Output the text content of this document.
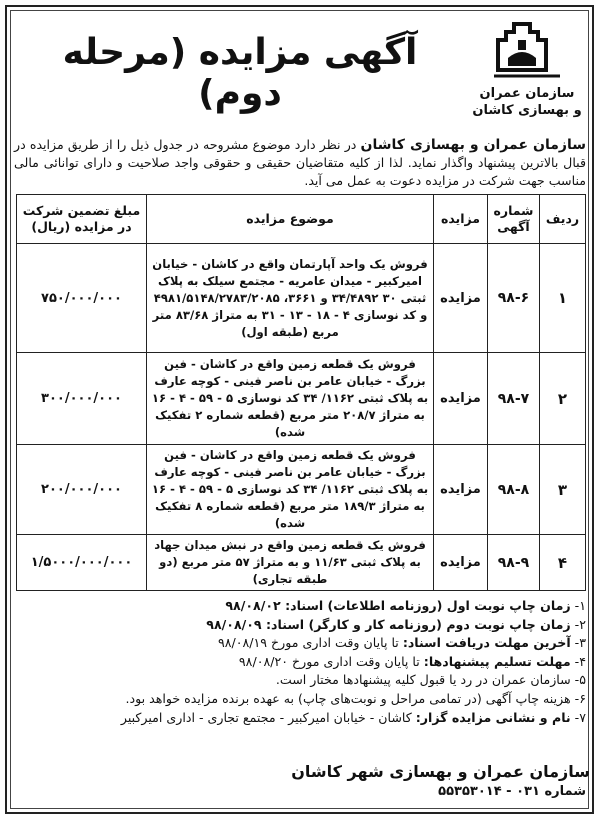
سازمان عمران
و بهسازی کاشان
آگهی مزایده (مرحله دوم)
سازمان عمران و بهسازی کاشان در نظر دارد موضوع مشروحه در جدول ذیل را از طریق مزایده در قبال بالاترین پیشنهاد واگذار نماید. لذا از کلیه متقاضیان حقیقی و حقوقی واجد صلاحیت و دارای توانائی مالی مناسب جهت شرکت در مزایده دعوت به عمل می آید.
ردیف	شماره آگهی	مزایده	موضوع مزایده	مبلغ تضمین شرکت در مزایده (ریال)
۱	۹۸-۶	مزایده	فروش یک واحد آپارتمان واقع در کاشان - خیابان امیرکبیر - میدان عامریه - مجتمع سیلک به پلاک ثبتی ۳۰ ۳۴/۴۸۹۲ و ۳۶۶۱، ۴۹۸۱/۵۱۴۸/۲۷۸۳/۲۰۸۵ و کد نوسازی ۴ - ۱۸ - ۱۳ - ۳۱ به متراژ ۸۳/۶۸ متر مربع (طبقه اول)	۷۵۰/۰۰۰/۰۰۰
۲	۹۸-۷	مزایده	فروش یک قطعه زمین واقع در کاشان - فین بزرگ - خیابان عامر بن ناصر فینی - کوچه عارف به پلاک ثبتی ۱۱۶۲/ ۳۴ کد نوسازی ۵ - ۵۹ - ۴ - ۱۶ به متراژ ۲۰۸/۷ متر مربع (قطعه شماره ۲ تفکیک شده)	۳۰۰/۰۰۰/۰۰۰
۳	۹۸-۸	مزایده	فروش یک قطعه زمین واقع در کاشان - فین بزرگ - خیابان عامر بن ناصر فینی - کوچه عارف به پلاک ثبتی ۱۱۶۲/ ۳۴ کد نوسازی ۵ - ۵۹ - ۴ - ۱۶ به متراژ ۱۸۹/۳ متر مربع (قطعه شماره ۸ تفکیک شده)	۲۰۰/۰۰۰/۰۰۰
۴	۹۸-۹	مزایده	فروش یک قطعه زمین واقع در نبش میدان جهاد به پلاک ثبتی ۱۱/۶۳ و به متراژ ۵۷ متر مربع (دو طبقه تجاری)	۱/۵۰۰۰/۰۰۰/۰۰۰
۱- زمان چاپ نوبت اول (روزنامه اطلاعات) اسناد: ۹۸/۰۸/۰۲
۲- زمان چاپ نوبت دوم (روزنامه کار و کارگر) اسناد: ۹۸/۰۸/۰۹
۳- آخرین مهلت دریافت اسناد: تا پایان وقت اداری مورخ ۹۸/۰۸/۱۹
۴- مهلت تسلیم پیشنهادها: تا پایان وقت اداری مورخ ۹۸/۰۸/۲۰
۵- سازمان عمران در رد یا قبول کلیه پیشنهادها مختار است.
۶- هزینه چاپ آگهی (در تمامی مراحل و نوبت‌های چاپ) به عهده برنده مزایده خواهد بود.
۷- نام و نشانی مزایده گزار: کاشان - خیابان امیرکبیر - مجتمع تجاری - اداری امیرکبیر
سازمان عمران و بهسازی شهر کاشان
شماره ۰۳۱ - ۵۵۳۵۳۰۱۴
